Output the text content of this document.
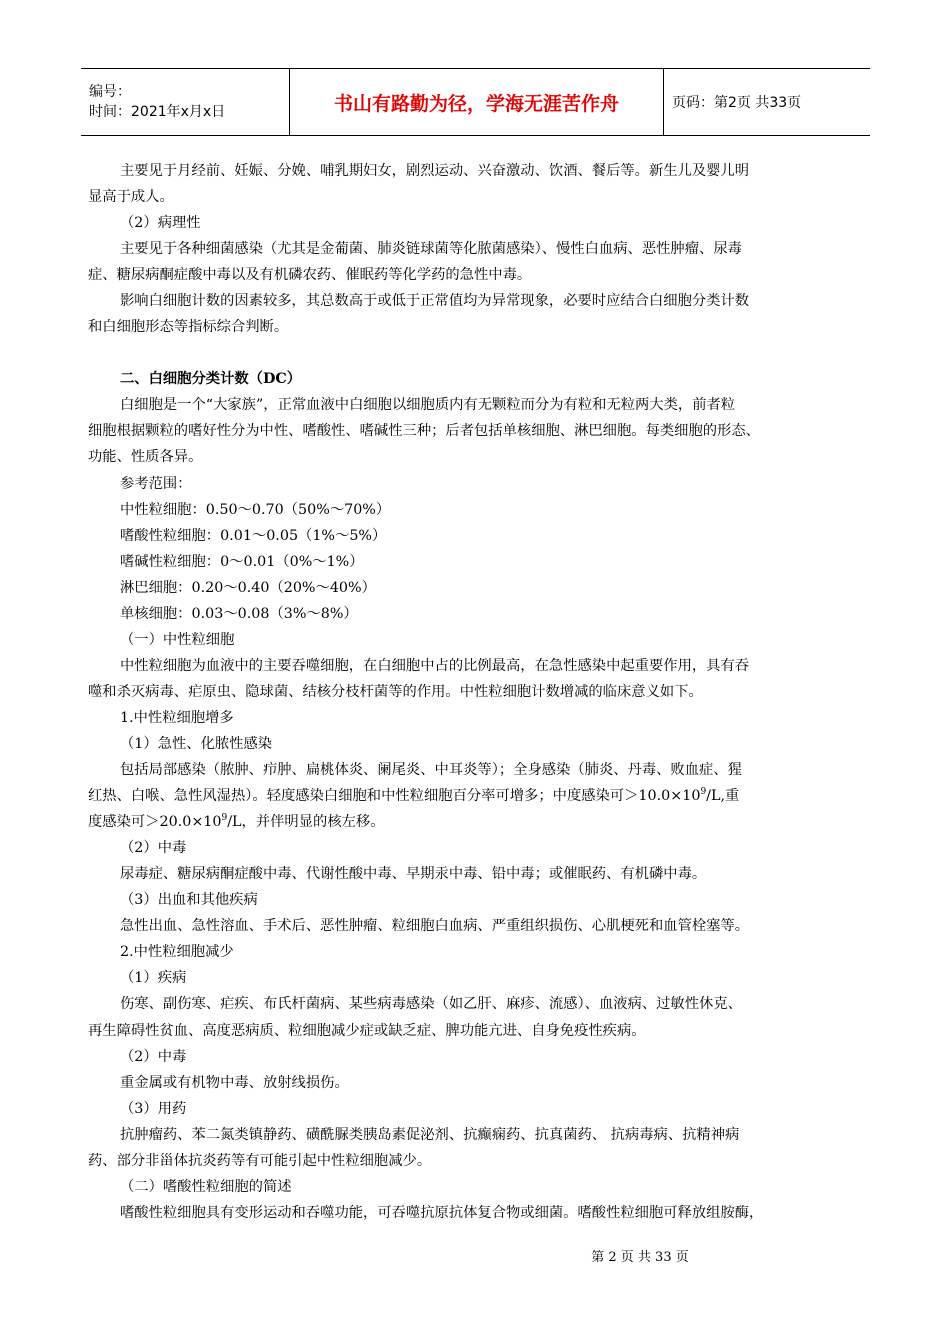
编号：
时间：2021年x月x日	书山有路勤为径，学海无涯苦作舟	页码：第2页 共33页

主要见于月经前、妊娠、分娩、哺乳期妇女，剧烈运动、兴奋激动、饮酒、餐后等。新生儿及婴儿明

显高于成人。

（2）病理性

主要见于各种细菌感染（尤其是金葡菌、肺炎链球菌等化脓菌感染）、慢性白血病、恶性肿瘤、尿毒

症、糖尿病酮症酸中毒以及有机磷农药、催眠药等化学药的急性中毒。

影响白细胞计数的因素较多，其总数高于或低于正常值均为异常现象，必要时应结合白细胞分类计数

和白细胞形态等指标综合判断。

二、白细胞分类计数（DC）

白细胞是一个“大家族”，正常血液中白细胞以细胞质内有无颗粒而分为有粒和无粒两大类，前者粒

细胞根据颗粒的嗜好性分为中性、嗜酸性、嗜碱性三种；后者包括单核细胞、淋巴细胞。每类细胞的形态、

功能、性质各异。

参考范围：

中性粒细胞：0.50～0.70（50%～70%）

嗜酸性粒细胞：0.01～0.05（1%～5%）

嗜碱性粒细胞：0～0.01（0%～1%）

淋巴细胞：0.20～0.40（20%～40%）

单核细胞：0.03～0.08（3%～8%）

（一）中性粒细胞

中性粒细胞为血液中的主要吞噬细胞，在白细胞中占的比例最高，在急性感染中起重要作用，具有吞

噬和杀灭病毒、疟原虫、隐球菌、结核分枝杆菌等的作用。中性粒细胞计数增减的临床意义如下。

1.中性粒细胞增多

（1）急性、化脓性感染

包括局部感染（脓肿、疖肿、扁桃体炎、阑尾炎、中耳炎等）；全身感染（肺炎、丹毒、败血症、猩

红热、白喉、急性风湿热）。轻度感染白细胞和中性粒细胞百分率可增多；中度感染可$>10.0\times 10^9/L$,重

度感染可$>20.0\times 10^9/L$，并伴明显的核左移。

（2）中毒

尿毒症、糖尿病酮症酸中毒、代谢性酸中毒、早期汞中毒、铅中毒；或催眠药、有机磷中毒。

（3）出血和其他疾病

急性出血、急性溶血、手术后、恶性肿瘤、粒细胞白血病、严重组织损伤、心肌梗死和血管栓塞等。

2.中性粒细胞减少

（1）疾病

伤寒、副伤寒、疟疾、布氏杆菌病、某些病毒感染（如乙肝、麻疹、流感）、血液病、过敏性休克、

再生障碍性贫血、高度恶病质、粒细胞减少症或缺乏症、脾功能亢进、自身免疫性疾病。

（2）中毒

重金属或有机物中毒、放射线损伤。

（3）用药

抗肿瘤药、苯二氮类镇静药、磺酰脲类胰岛素促泌剂、抗癫痫药、抗真菌药、 抗病毒病、抗精神病

药、部分非甾体抗炎药等有可能引起中性粒细胞减少。

（二）嗜酸性粒细胞的简述

嗜酸性粒细胞具有变形运动和吞噬功能，可吞噬抗原抗体复合物或细菌。嗜酸性粒细胞可释放组胺酶，

第 2 页 共 33 页
